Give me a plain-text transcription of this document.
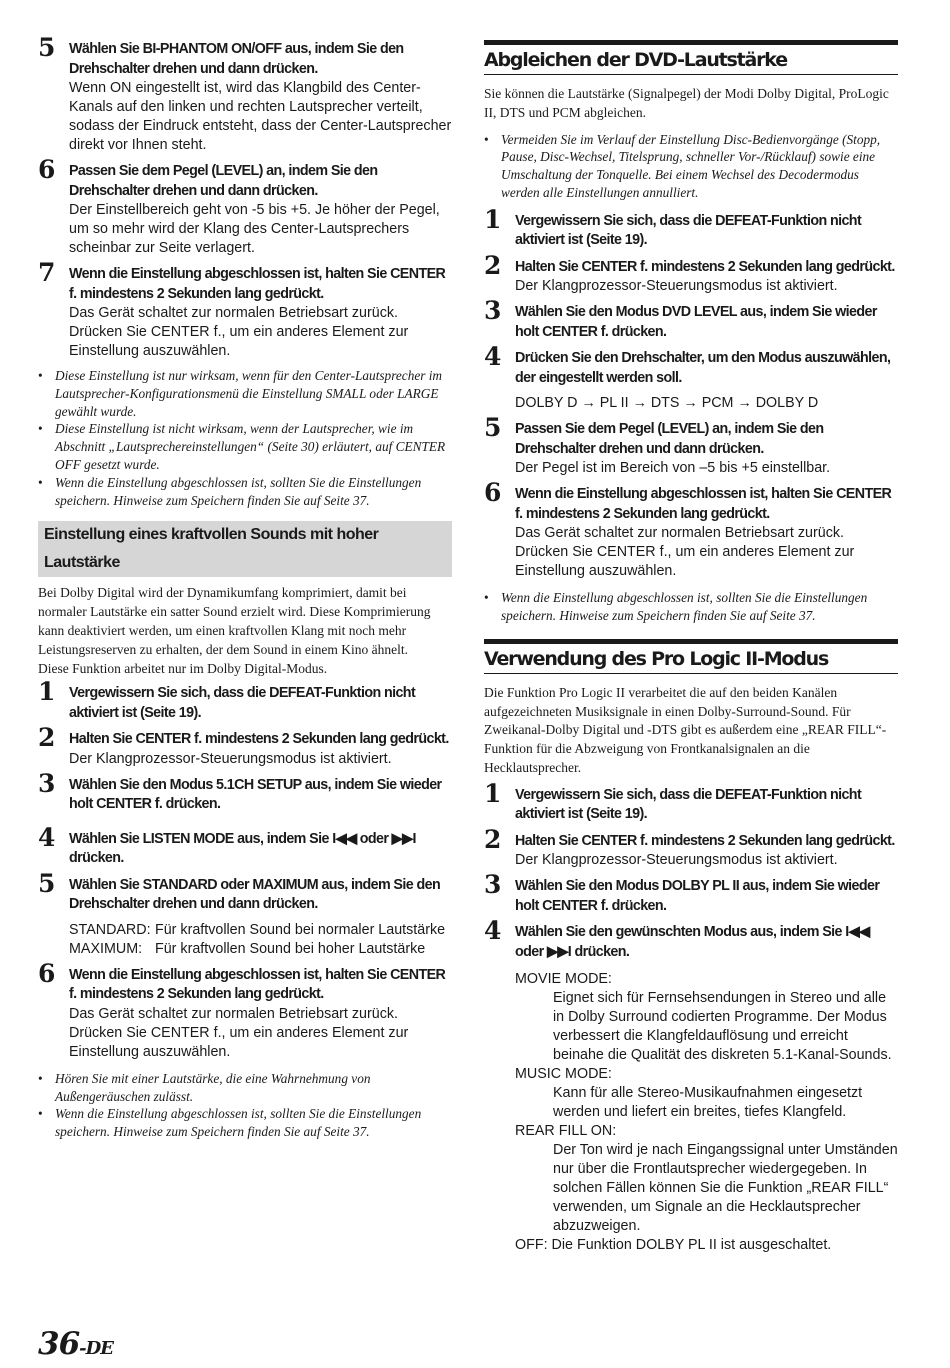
5 Wählen Sie BI-PHANTOM ON/OFF aus, indem Sie den Drehschalter drehen und dann drücken.
Wenn ON eingestellt ist, wird das Klangbild des Center-Kanals auf den linken und rechten Lautsprecher verteilt, sodass der Eindruck entsteht, dass der Center-Lautsprecher direkt vor Ihnen steht.
6 Passen Sie dem Pegel (LEVEL) an, indem Sie den Drehschalter drehen und dann drücken.
Der Einstellbereich geht von -5 bis +5. Je höher der Pegel, um so mehr wird der Klang des Center-Lautsprechers scheinbar zur Seite verlagert.
7 Wenn die Einstellung abgeschlossen ist, halten Sie CENTER f. mindestens 2 Sekunden lang gedrückt.
Das Gerät schaltet zur normalen Betriebsart zurück. Drücken Sie CENTER f., um ein anderes Element zur Einstellung auszuwählen.
• Diese Einstellung ist nur wirksam, wenn für den Center-Lautsprecher im Lautsprecher-Konfigurationsmenü die Einstellung SMALL oder LARGE gewählt wurde.
• Diese Einstellung ist nicht wirksam, wenn der Lautsprecher, wie im Abschnitt „Lautsprechereinstellungen“ (Seite 30) erläutert, auf CENTER OFF gesetzt wurde.
• Wenn die Einstellung abgeschlossen ist, sollten Sie die Einstellungen speichern. Hinweise zum Speichern finden Sie auf Seite 37.
Einstellung eines kraftvollen Sounds mit hoher Lautstärke
Bei Dolby Digital wird der Dynamikumfang komprimiert, damit bei normaler Lautstärke ein satter Sound erzielt wird. Diese Komprimierung kann deaktiviert werden, um einen kraftvollen Klang mit noch mehr Leistungsreserven zu erhalten, der dem Sound in einem Kino ähnelt.
Diese Funktion arbeitet nur im Dolby Digital-Modus.
1 Vergewissern Sie sich, dass die DEFEAT-Funktion nicht aktiviert ist (Seite 19).
2 Halten Sie CENTER f. mindestens 2 Sekunden lang gedrückt.
Der Klangprozessor-Steuerungsmodus ist aktiviert.
3 Wählen Sie den Modus 5.1CH SETUP aus, indem Sie wieder holt CENTER f. drücken.
4 Wählen Sie LISTEN MODE aus, indem Sie I◀◀ oder ▶▶I drücken.
5 Wählen Sie STANDARD oder MAXIMUM aus, indem Sie den Drehschalter drehen und dann drücken.
STANDARD: Für kraftvollen Sound bei normaler Lautstärke
MAXIMUM: Für kraftvollen Sound bei hoher Lautstärke
6 Wenn die Einstellung abgeschlossen ist, halten Sie CENTER f. mindestens 2 Sekunden lang gedrückt.
Das Gerät schaltet zur normalen Betriebsart zurück. Drücken Sie CENTER f., um ein anderes Element zur Einstellung auszuwählen.
• Hören Sie mit einer Lautstärke, die eine Wahrnehmung von Außengeräuschen zulässt.
• Wenn die Einstellung abgeschlossen ist, sollten Sie die Einstellungen speichern. Hinweise zum Speichern finden Sie auf Seite 37.
Abgleichen der DVD-Lautstärke
Sie können die Lautstärke (Signalpegel) der Modi Dolby Digital, ProLogic II, DTS und PCM abgleichen.
• Vermeiden Sie im Verlauf der Einstellung Disc-Bedienvorgänge (Stopp, Pause, Disc-Wechsel, Titelsprung, schneller Vor-/Rücklauf) sowie eine Umschaltung der Tonquelle. Bei einem Wechsel des Decodermodus werden alle Einstellungen annulliert.
1 Vergewissern Sie sich, dass die DEFEAT-Funktion nicht aktiviert ist (Seite 19).
2 Halten Sie CENTER f. mindestens 2 Sekunden lang gedrückt.
Der Klangprozessor-Steuerungsmodus ist aktiviert.
3 Wählen Sie den Modus DVD LEVEL aus, indem Sie wieder holt CENTER f. drücken.
4 Drücken Sie den Drehschalter, um den Modus auszuwählen, der eingestellt werden soll.
DOLBY D → PL II → DTS → PCM → DOLBY D
5 Passen Sie dem Pegel (LEVEL) an, indem Sie den Drehschalter drehen und dann drücken.
Der Pegel ist im Bereich von –5 bis +5 einstellbar.
6 Wenn die Einstellung abgeschlossen ist, halten Sie CENTER f. mindestens 2 Sekunden lang gedrückt.
Das Gerät schaltet zur normalen Betriebsart zurück. Drücken Sie CENTER f., um ein anderes Element zur Einstellung auszuwählen.
• Wenn die Einstellung abgeschlossen ist, sollten Sie die Einstellungen speichern. Hinweise zum Speichern finden Sie auf Seite 37.
Verwendung des Pro Logic II-Modus
Die Funktion Pro Logic II verarbeitet die auf den beiden Kanälen aufgezeichneten Musiksignale in einen Dolby-Surround-Sound. Für Zweikanal-Dolby Digital und -DTS gibt es außerdem eine „REAR FILL“-Funktion für die Abzweigung von Frontkanalsignalen an die Hecklautsprecher.
1 Vergewissern Sie sich, dass die DEFEAT-Funktion nicht aktiviert ist (Seite 19).
2 Halten Sie CENTER f. mindestens 2 Sekunden lang gedrückt.
Der Klangprozessor-Steuerungsmodus ist aktiviert.
3 Wählen Sie den Modus DOLBY PL II aus, indem Sie wieder holt CENTER f. drücken.
4 Wählen Sie den gewünschten Modus aus, indem Sie I◀◀ oder ▶▶I drücken.
MOVIE MODE:
Eignet sich für Fernsehsendungen in Stereo und alle in Dolby Surround codierten Programme. Der Modus verbessert die Klangfeldauflösung und erreicht beinahe die Qualität des diskreten 5.1-Kanal-Sounds.
MUSIC MODE:
Kann für alle Stereo-Musikaufnahmen eingesetzt werden und liefert ein breites, tiefes Klangfeld.
REAR FILL ON:
Der Ton wird je nach Eingangssignal unter Umständen nur über die Frontlautsprecher wiedergegeben. In solchen Fällen können Sie die Funktion „REAR FILL“ verwenden, um Signale an die Hecklautsprecher abzuzweigen.
OFF: Die Funktion DOLBY PL II ist ausgeschaltet.
36-DE
